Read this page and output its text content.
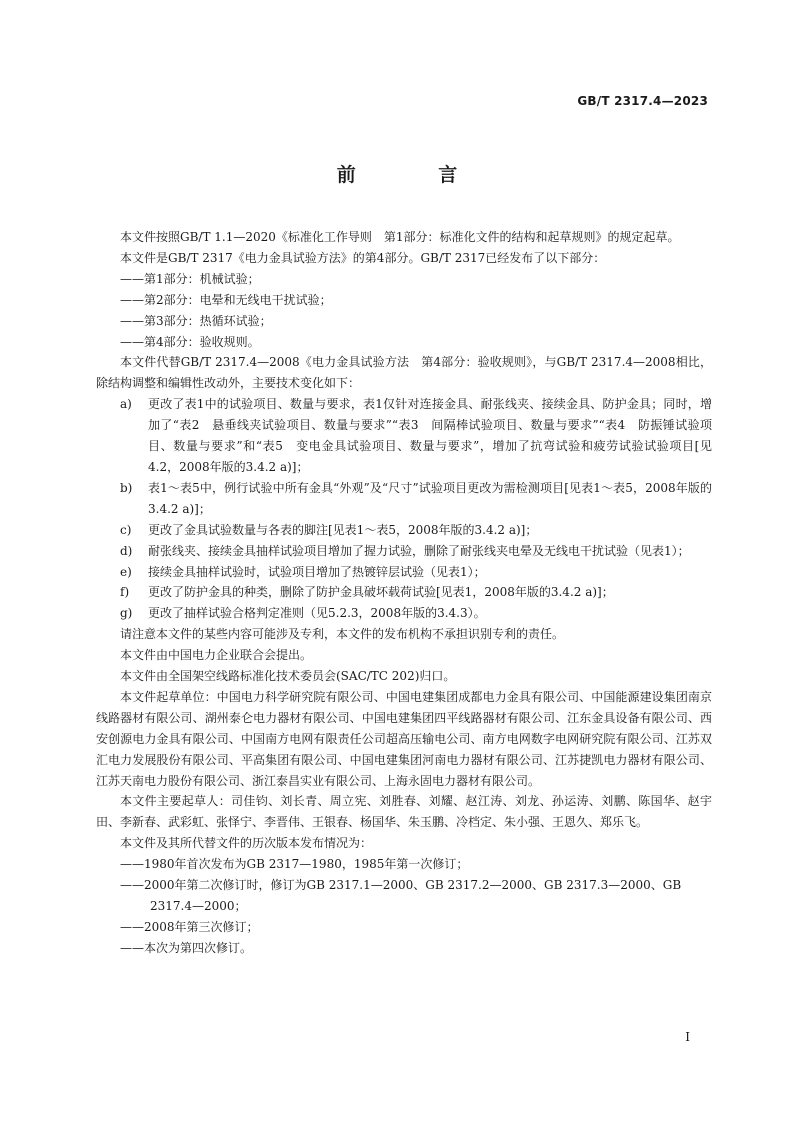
GB/T 2317.4—2023
前 言

本文件按照GB/T 1.1—2020《标准化工作导则　第1部分：标准化文件的结构和起草规则》的规定起草。

本文件是GB/T 2317《电力金具试验方法》的第4部分。GB/T 2317已经发布了以下部分：

——第1部分：机械试验；

——第2部分：电晕和无线电干扰试验；

——第3部分：热循环试验；

——第4部分：验收规则。

本文件代替GB/T 2317.4—2008《电力金具试验方法　第4部分：验收规则》，与GB/T 2317.4—2008相比，除结构调整和编辑性改动外，主要技术变化如下：

a)	更改了表1中的试验项目、数量与要求，表1仅针对连接金具、耐张线夹、接续金具、防护金具；同时，增加了“表2　悬垂线夹试验项目、数量与要求”“表3　间隔棒试验项目、数量与要求”“表4　防振锤试验项目、数量与要求”和“表5　变电金具试验项目、数量与要求”，增加了抗弯试验和疲劳试验试验项目[见4.2，2008年版的3.4.2 a)]；
b)	表1～表5中，例行试验中所有金具“外观”及“尺寸”试验项目更改为需检测项目[见表1～表5，2008年版的3.4.2 a)]；
c)	更改了金具试验数量与各表的脚注[见表1～表5，2008年版的3.4.2 a)]；
d)	耐张线夹、接续金具抽样试验项目增加了握力试验，删除了耐张线夹电晕及无线电干扰试验（见表1）；
e)	接续金具抽样试验时，试验项目增加了热镀锌层试验（见表1）；
f)	更改了防护金具的种类，删除了防护金具破坏载荷试验[见表1，2008年版的3.4.2 a)]；
g)	更改了抽样试验合格判定准则（见5.2.3，2008年版的3.4.3）。

请注意本文件的某些内容可能涉及专利，本文件的发布机构不承担识别专利的责任。

本文件由中国电力企业联合会提出。

本文件由全国架空线路标准化技术委员会(SAC/TC 202)归口。

本文件起草单位：中国电力科学研究院有限公司、中国电建集团成都电力金具有限公司、中国能源建设集团南京线路器材有限公司、湖州泰仑电力器材有限公司、中国电建集团四平线路器材有限公司、江东金具设备有限公司、西安创源电力金具有限公司、中国南方电网有限责任公司超高压输电公司、南方电网数字电网研究院有限公司、江苏双汇电力发展股份有限公司、平高集团有限公司、中国电建集团河南电力器材有限公司、江苏捷凯电力器材有限公司、江苏天南电力股份有限公司、浙江泰昌实业有限公司、上海永固电力器材有限公司。

本文件主要起草人：司佳钧、刘长青、周立宪、刘胜春、刘耀、赵江涛、刘龙、孙运涛、刘鹏、陈国华、赵宇田、李新春、武彩虹、张怿宁、李晋伟、王银春、杨国华、朱玉鹏、冷档定、朱小强、王恩久、郑乐飞。

本文件及其所代替文件的历次版本发布情况为：

——1980年首次发布为GB 2317—1980，1985年第一次修订；

——2000年第二次修订时，修订为GB 2317.1—2000、GB 2317.2—2000、GB 2317.3—2000、GB 2317.4—2000；

——2008年第三次修订；

——本次为第四次修订。

I
